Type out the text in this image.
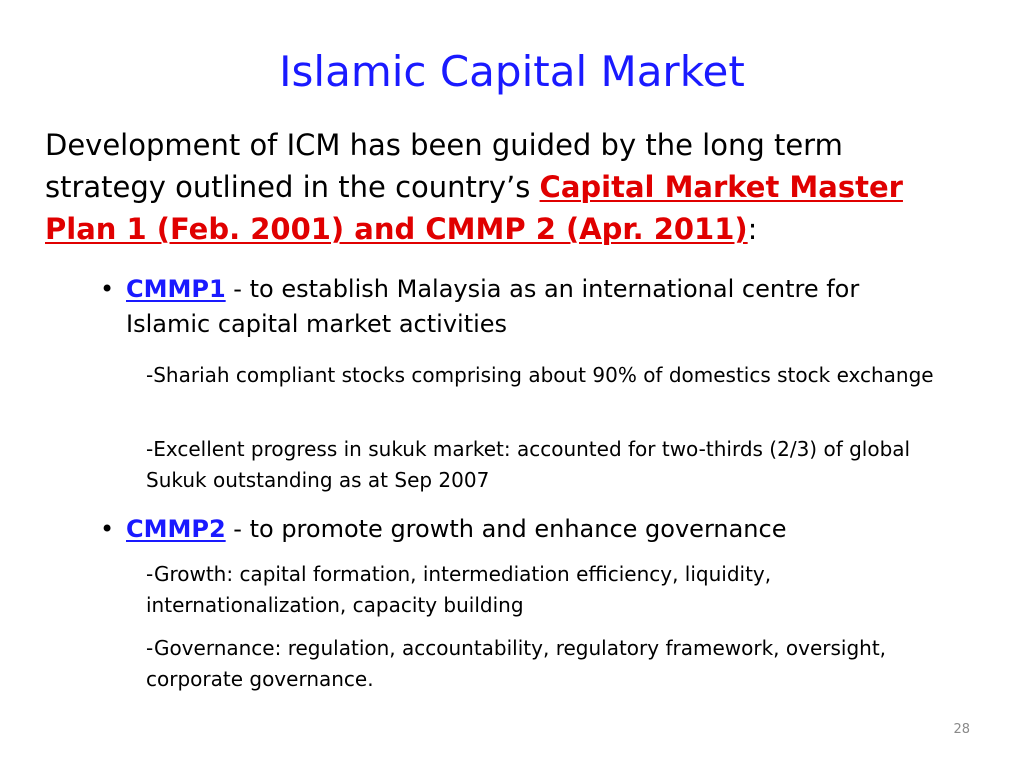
Islamic Capital Market

Development of ICM has been guided by the long term strategy outlined in the country’s Capital Market Master Plan 1 (Feb. 2001) and CMMP 2 (Apr. 2011):

• CMMP1 - to establish Malaysia as an international centre for Islamic capital market activities

-Shariah compliant stocks comprising about 90% of domestics stock exchange

-Excellent progress in sukuk market: accounted for two-thirds (2/3) of global Sukuk outstanding as at Sep 2007

• CMMP2 - to promote growth and enhance governance

-Growth: capital formation, intermediation efficiency, liquidity, internationalization, capacity building

-Governance: regulation, accountability, regulatory framework, oversight, corporate governance.

28
